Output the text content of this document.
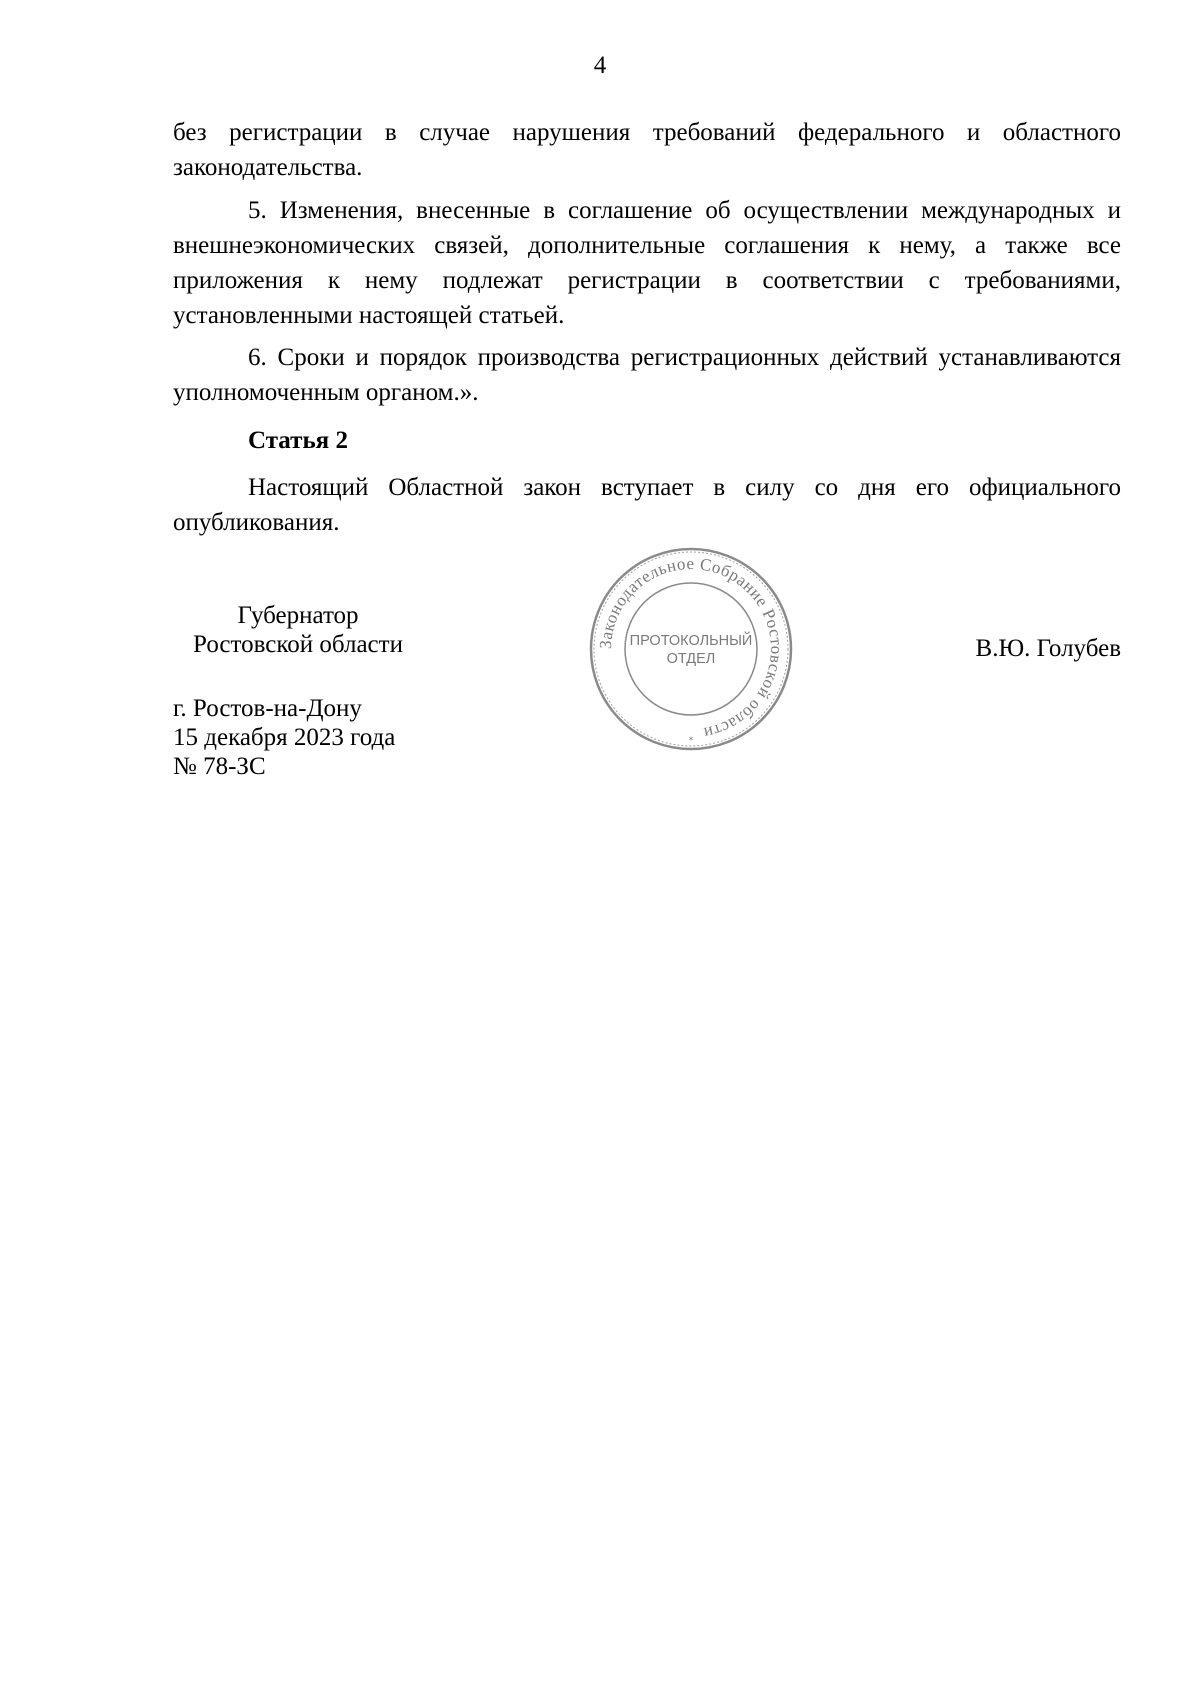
4

без регистрации в случае нарушения требований федерального и областного законодательства.

5. Изменения, внесенные в соглашение об осуществлении международных и внешнеэкономических связей, дополнительные соглашения к нему, а также все приложения к нему подлежат регистрации в соответствии с требованиями, установленными настоящей статьей.

6. Сроки и порядок производства регистрационных действий устанавливаются уполномоченным органом.».

Статья 2

Настоящий Областной закон вступает в силу со дня его официального опубликования.

Губернатор
Ростовской области	В.Ю. Голубев
г. Ростов-на-Дону
15 декабря 2023 года
№ 78-ЗС
Законодательное Собрание Ростовской области
ПРОТОКОЛЬНЫЙ
ОТДЕЛ
*
